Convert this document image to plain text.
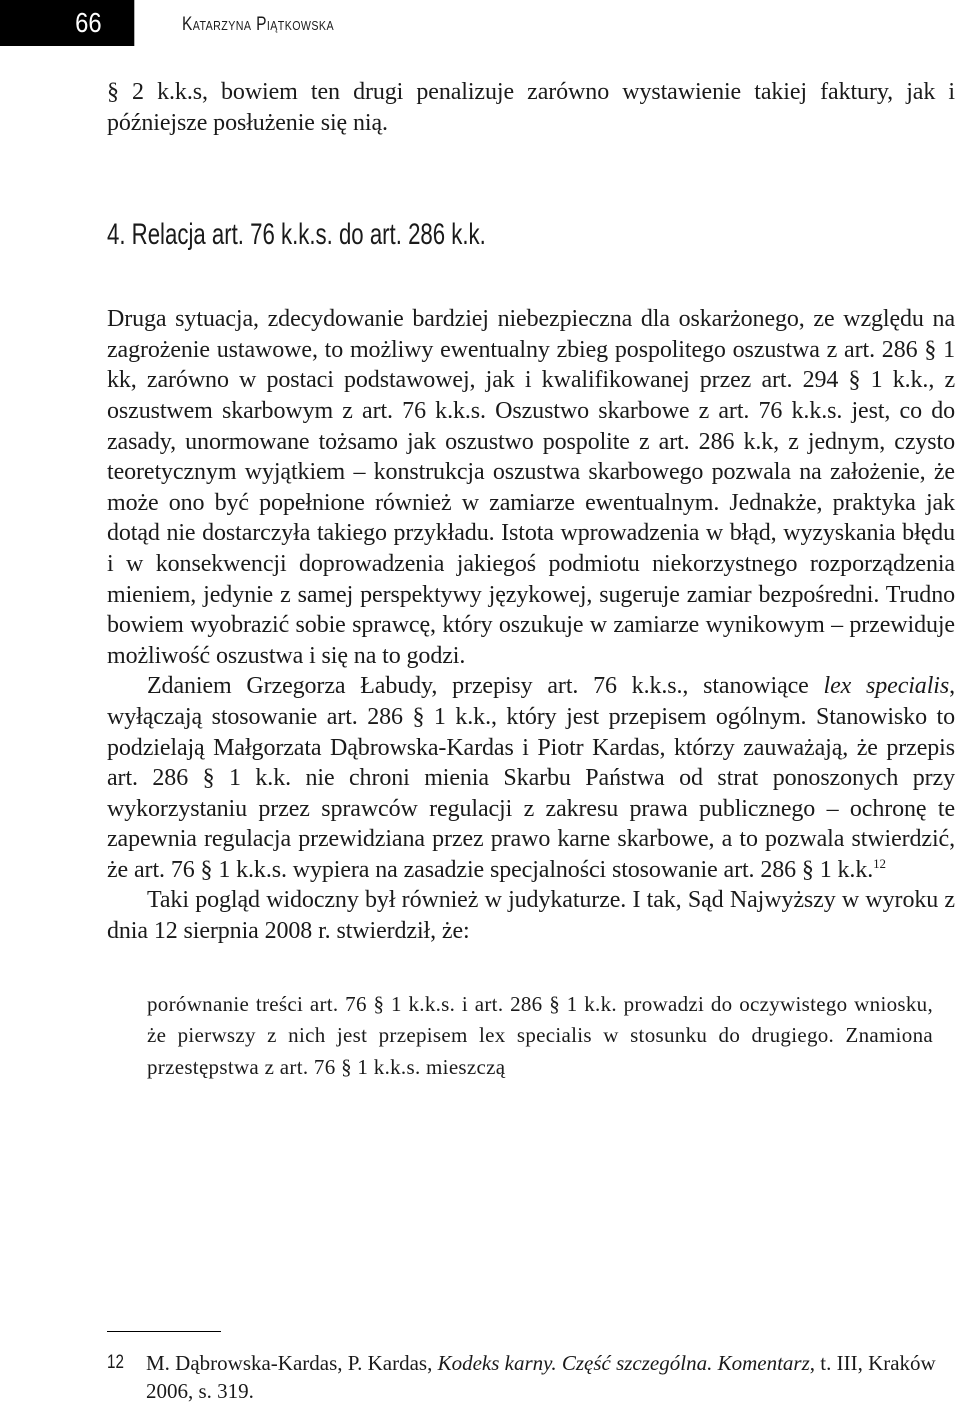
66	Katarzyna Piątkowska

§ 2 k.k.s, bowiem ten drugi penalizuje zarówno wystawienie takiej faktury, jak i późniejsze posłużenie się nią.

4. Relacja art. 76 k.k.s. do art. 286 k.k.

Druga sytuacja, zdecydowanie bardziej niebezpieczna dla oskarżonego, ze względu na zagrożenie ustawowe, to możliwy ewentualny zbieg pospolitego oszustwa z art. 286 § 1 kk, zarówno w postaci podstawowej, jak i kwalifikowanej przez art. 294 § 1 k.k., z oszustwem skarbowym z art. 76 k.k.s. Oszustwo skarbowe z art. 76 k.k.s. jest, co do zasady, unormowane tożsamo jak oszustwo pospolite z art. 286 k.k, z jednym, czysto teoretycznym wyjątkiem – konstrukcja oszustwa skarbowego pozwala na założenie, że może ono być popełnione również w zamiarze ewentualnym. Jednakże, praktyka jak dotąd nie dostarczyła takiego przykładu. Istota wprowadzenia w błąd, wyzyskania błędu i w konsekwencji doprowadzenia jakiegoś podmiotu niekorzystnego rozporządzenia mieniem, jedynie z samej perspektywy językowej, sugeruje zamiar bezpośredni. Trudno bowiem wyobrazić sobie sprawcę, który oszukuje w zamiarze wynikowym – przewiduje możliwość oszustwa i się na to godzi.

Zdaniem Grzegorza Łabudy, przepisy art. 76 k.k.s., stanowiące lex specialis, wyłączają stosowanie art. 286 § 1 k.k., który jest przepisem ogólnym. Stanowisko to podzielają Małgorzata Dąbrowska-Kardas i Piotr Kardas, którzy zauważają, że przepis art. 286 § 1 k.k. nie chroni mienia Skarbu Państwa od strat ponoszonych przy wykorzystaniu przez sprawców regulacji z zakresu prawa publicznego – ochronę te zapewnia regulacja przewidziana przez prawo karne skarbowe, a to pozwala stwierdzić, że art. 76 § 1 k.k.s. wypiera na zasadzie specjalności stosowanie art. 286 § 1 k.k.$^{12}$

Taki pogląd widoczny był również w judykaturze. I tak, Sąd Najwyższy w wyroku z dnia 12 sierpnia 2008 r. stwierdził, że:

porównanie treści art. 76 § 1 k.k.s. i art. 286 § 1 k.k. prowadzi do oczywistego wniosku, że pierwszy z nich jest przepisem lex specialis w stosunku do drugiego. Znamiona przestępstwa z art. 76 § 1 k.k.s. mieszczą

12 M. Dąbrowska-Kardas, P. Kardas, Kodeks karny. Część szczególna. Komentarz, t. III, Kraków 2006, s. 319.
